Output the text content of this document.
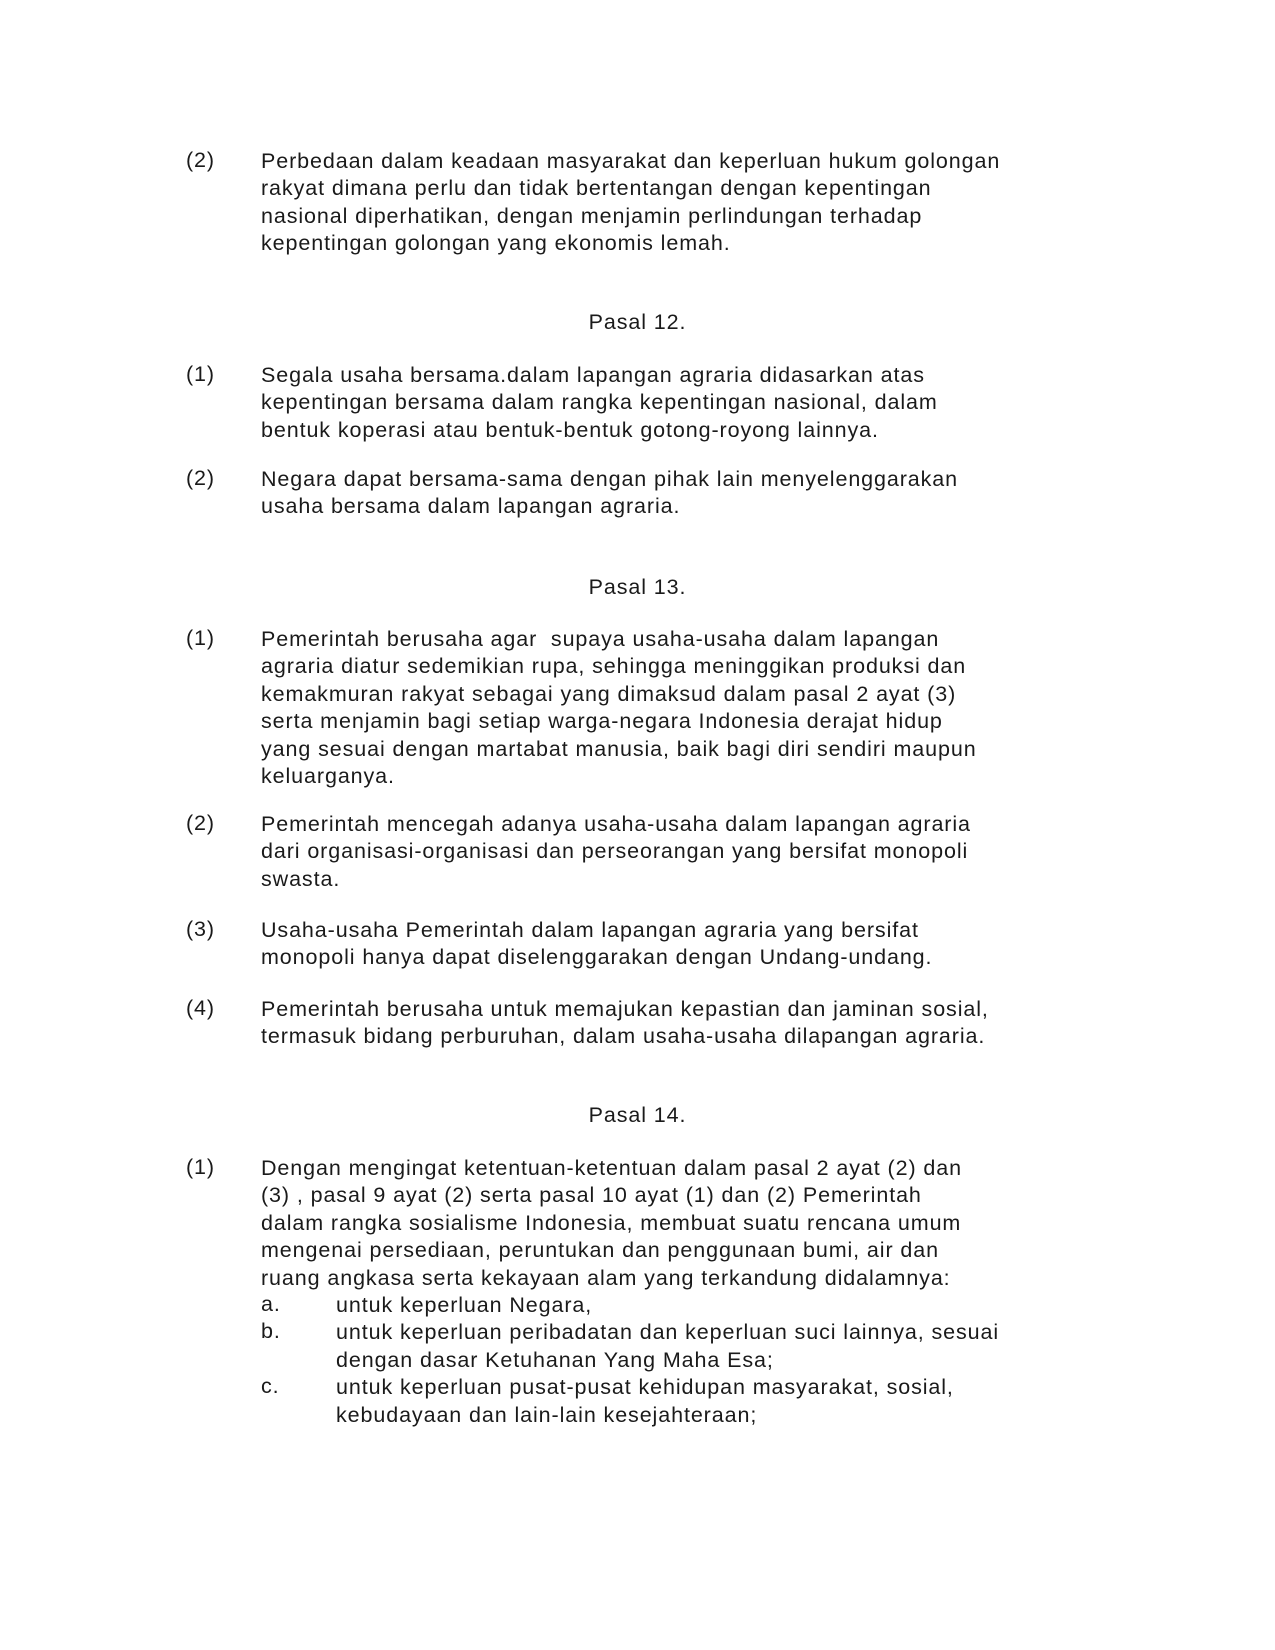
(2) Perbedaan dalam keadaan masyarakat dan keperluan hukum golongan
rakyat dimana perlu dan tidak bertentangan dengan kepentingan
nasional diperhatikan, dengan menjamin perlindungan terhadap
kepentingan golongan yang ekonomis lemah.
Pasal 12.
(1) Segala usaha bersama.dalam lapangan agraria didasarkan atas
kepentingan bersama dalam rangka kepentingan nasional, dalam
bentuk koperasi atau bentuk-bentuk gotong-royong lainnya.
(2) Negara dapat bersama-sama dengan pihak lain menyelenggarakan
usaha bersama dalam lapangan agraria.
Pasal 13.
(1) Pemerintah berusaha agar  supaya usaha-usaha dalam lapangan
agraria diatur sedemikian rupa, sehingga meninggikan produksi dan
kemakmuran rakyat sebagai yang dimaksud dalam pasal 2 ayat (3)
serta menjamin bagi setiap warga-negara Indonesia derajat hidup
yang sesuai dengan martabat manusia, baik bagi diri sendiri maupun
keluarganya.
(2) Pemerintah mencegah adanya usaha-usaha dalam lapangan agraria
dari organisasi-organisasi dan perseorangan yang bersifat monopoli
swasta.
(3) Usaha-usaha Pemerintah dalam lapangan agraria yang bersifat
monopoli hanya dapat diselenggarakan dengan Undang-undang.
(4) Pemerintah berusaha untuk memajukan kepastian dan jaminan sosial,
termasuk bidang perburuhan, dalam usaha-usaha dilapangan agraria.
Pasal 14.
(1) Dengan mengingat ketentuan-ketentuan dalam pasal 2 ayat (2) dan
(3) , pasal 9 ayat (2) serta pasal 10 ayat (1) dan (2) Pemerintah
dalam rangka sosialisme Indonesia, membuat suatu rencana umum
mengenai persediaan, peruntukan dan penggunaan bumi, air dan
ruang angkasa serta kekayaan alam yang terkandung didalamnya:
a.	untuk keperluan Negara,
b.	untuk keperluan peribadatan dan keperluan suci lainnya, sesuai
dengan dasar Ketuhanan Yang Maha Esa;
c.	untuk keperluan pusat-pusat kehidupan masyarakat, sosial,
kebudayaan dan lain-lain kesejahteraan;
